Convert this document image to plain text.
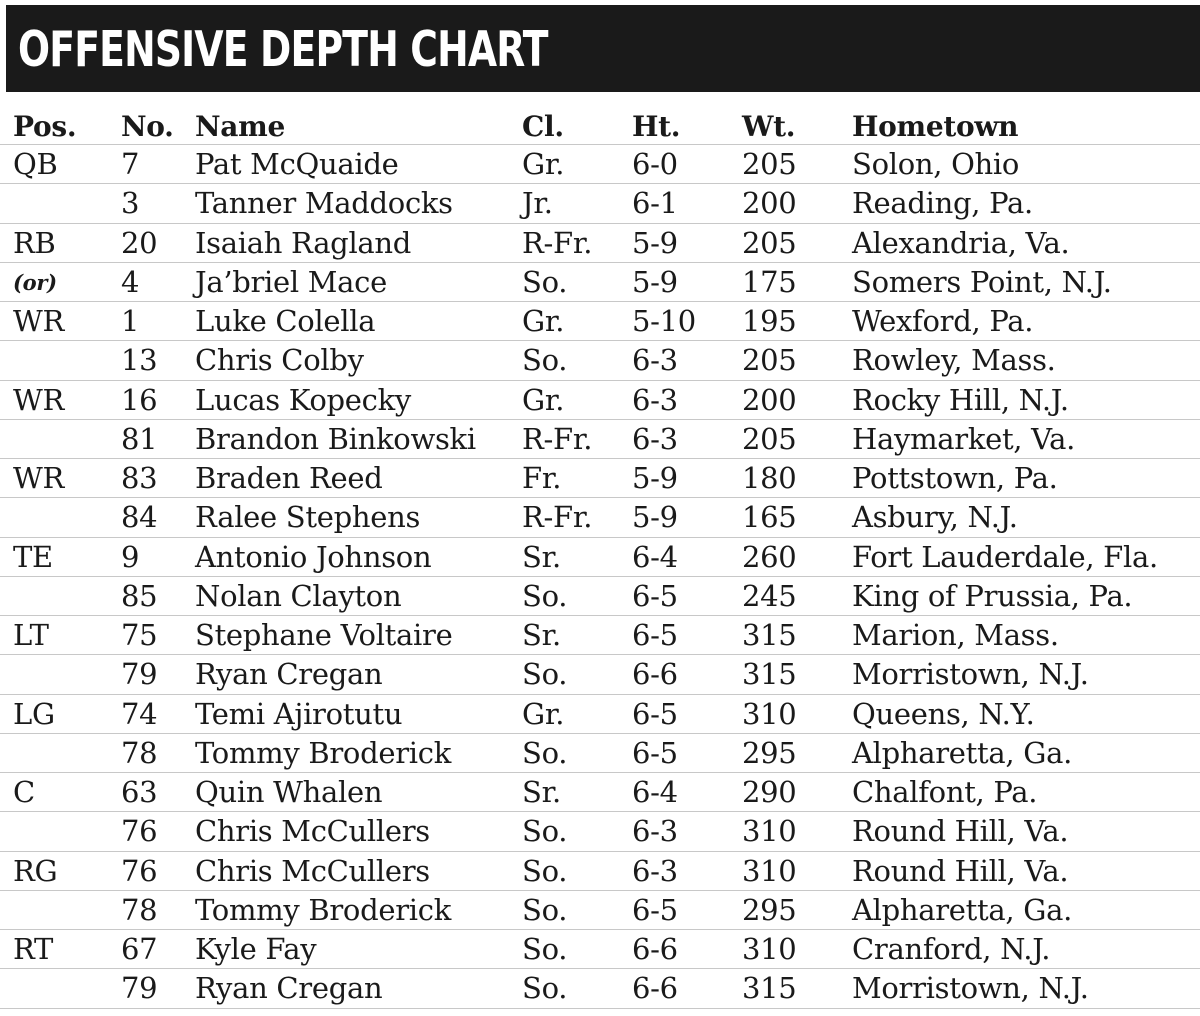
OFFENSIVE DEPTH CHART
Pos. No. Name	Cl. Ht. Wt. Hometown
QB 7 Pat McQuaide	Gr. 6-0 205 Solon, Ohio
3 Tanner Maddocks Jr.	6-1 200 Reading, Pa.
RB 20 Isaiah Ragland	R-Fr. 5-9 205 Alexandria, Va.
(or) 4 Ja’briel Mace	So. 5-9 175 Somers Point, N.J.
WR 1 Luke Colella	Gr. 5-10 195 Wexford, Pa.
13 Chris Colby	So. 6-3 205 Rowley, Mass.
WR 16 Lucas Kopecky	Gr. 6-3 200 Rocky Hill, N.J.
81 Brandon Binkowski R-Fr. 6-3 205 Haymarket, Va.
WR 83 Braden Reed	Fr. 5-9 180 Pottstown, Pa.
84 Ralee Stephens	R-Fr. 5-9 165 Asbury, N.J.
TE 9 Antonio Johnson	Sr. 6-4 260 Fort Lauderdale, Fla.
85 Nolan Clayton	So. 6-5 245 King of Prussia, Pa.
LT 75 Stephane Voltaire Sr. 6-5 315 Marion, Mass.
79 Ryan Cregan	So. 6-6 315 Morristown, N.J.
LG 74 Temi Ajirotutu	Gr. 6-5 310 Queens, N.Y.
78 Tommy Broderick So. 6-5 295 Alpharetta, Ga.
C	63 Quin Whalen	Sr. 6-4 290 Chalfont, Pa.
76 Chris McCullers	So. 6-3 310 Round Hill, Va.
RG 76 Chris McCullers	So. 6-3 310 Round Hill, Va.
78 Tommy Broderick So. 6-5 295 Alpharetta, Ga.
RT 67 Kyle Fay	So. 6-6 310 Cranford, N.J.
79 Ryan Cregan	So. 6-6 315 Morristown, N.J.
